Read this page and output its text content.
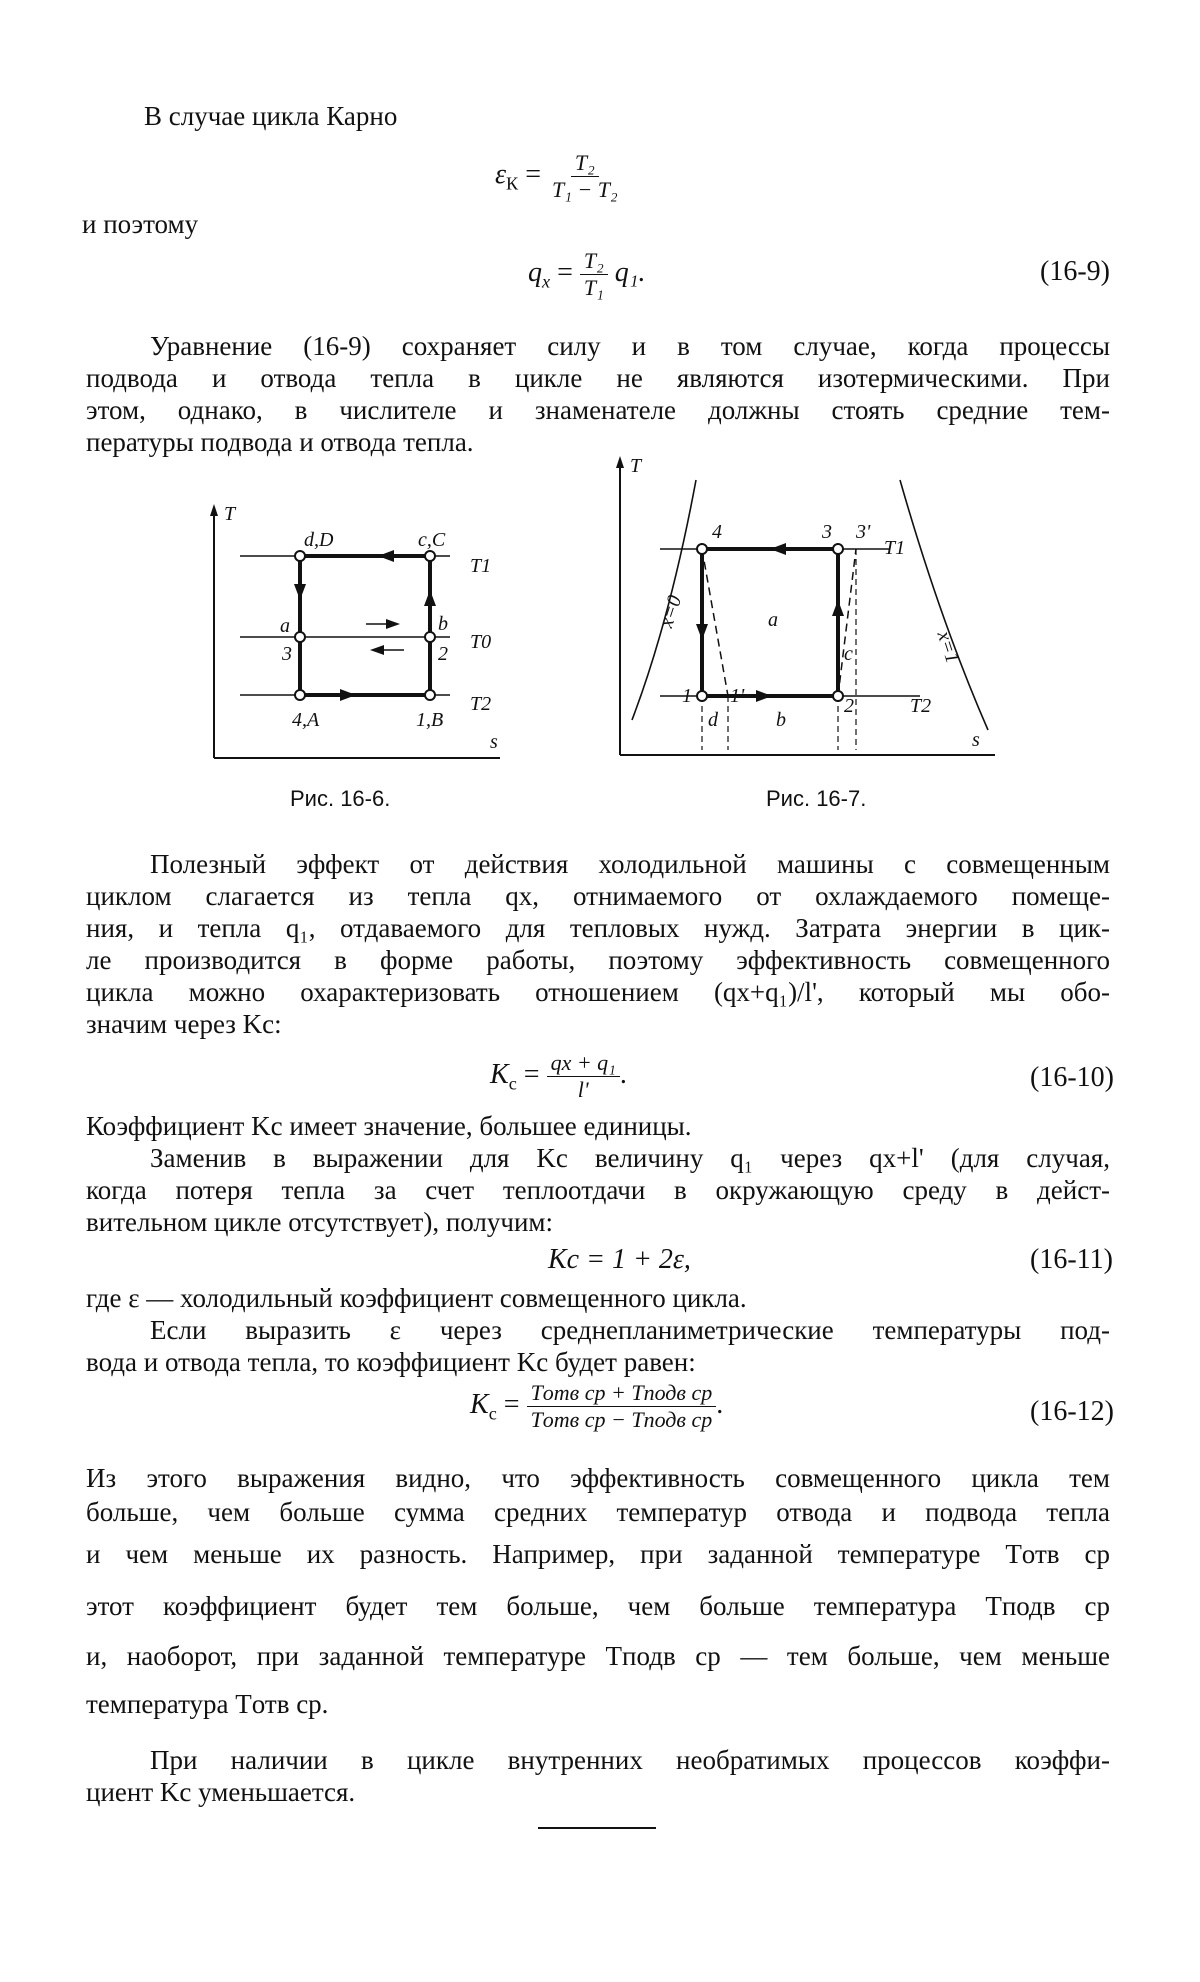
В случае цикла Карно
$\varepsilon_К = \frac{\text{T₂}}{\text{T₁ − T₂}}$
и поэтому
$q_x = \frac{\text{T₂}}{\text{T₁}} q_1$.	(16-9)
Уравнение (16-9) сохраняет силу и в том случае, когда процессы
подвода и отвода тепла в цикле не являются изотермическими. При
этом, однако, в числителе и знаменателе должны стоять средние тем-
пературы подвода и отвода тепла.
T
s
d,D	c,C
a	b
3	2
4,A	1,B
T1
T0
T2
Рис. 16-6.
T
s
x=0
x=1
4	3 3'
T1
a
c
1 1'
d	b
2	T2
Рис. 16-7.
Полезный эффект от действия холодильной машины с совмещенным
циклом слагается из тепла qx, отнимаемого от охлаждаемого помеще-
ния, и тепла q₁, отдаваемого для тепловых нужд. Затрата энергии в цик-
ле производится в форме работы, поэтому эффективность совмещенного
цикла можно охарактеризовать отношением (qx+q₁)/l', который мы обо-
значим через Kс:
$K_с = \frac{\text{qx + q₁}}{l'}$ .	(16-10)
Коэффициент Kс имеет значение, большее единицы.
Заменив в выражении для Kс величину q₁ через qx+l' (для случая,
когда потеря тепла за счет теплоотдачи в окружающую среду в дейст-
вительном цикле отсутствует), получим:
Kс = 1 + 2ε,	(16-11)
где ε — холодильный коэффициент совмещенного цикла.
Если выразить ε через среднепланиметрические температуры под-
вода и отвода тепла, то коэффициент Kс будет равен:
$K_с = \frac{\text{Tотв ср + Tподв ср}}{\text{Tотв ср − Tподв ср}}$ .	(16-12)
Из этого выражения видно, что эффективность совмещенного цикла тем
больше, чем больше сумма средних температур отвода и подвода тепла
и чем меньше их разность. Например, при заданной температуре Tотв ср
этот коэффициент будет тем больше, чем больше температура Tподв ср
и, наоборот, при заданной температуре Tподв ср — тем больше, чем меньше
температура Tотв ср.
При наличии в цикле внутренних необратимых процессов коэффи-
циент Kс уменьшается.
